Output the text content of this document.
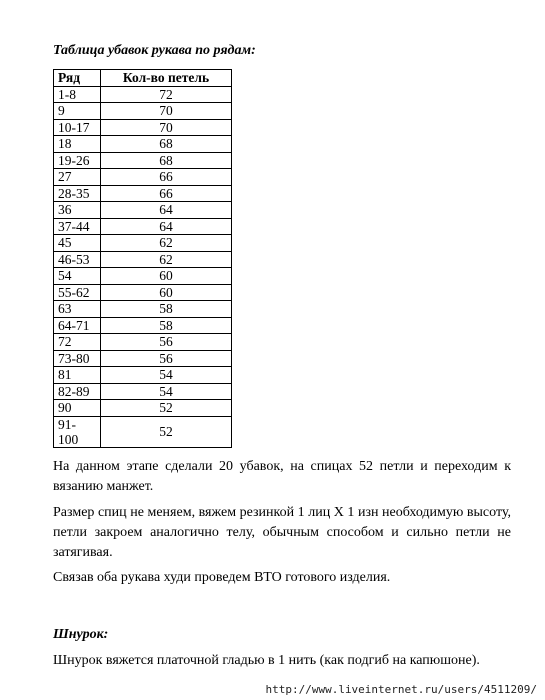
Таблица убавок рукава по рядам:
Ряд	Кол-во петель
1-8	72
9	70
10-17	70
18	68
19-26	68
27	66
28-35	66
36	64
37-44	64
45	62
46-53	62
54	60
55-62	60
63	58
64-71	58
72	56
73-80	56
81	54
82-89	54
90	52
91-100	52
На данном этапе сделали 20 убавок, на спицах 52 петли и переходим к вязанию манжет.
Размер спиц не меняем, вяжем резинкой 1 лиц Х 1 изн необходимую высоту, петли закроем аналогично телу, обычным способом и сильно петли не затягивая.
Связав оба рукава худи проведем ВТО готового изделия.
Шнурок:
Шнурок вяжется платочной гладью в 1 нить (как подгиб на капюшоне).
http://www.liveinternet.ru/users/4511209/
